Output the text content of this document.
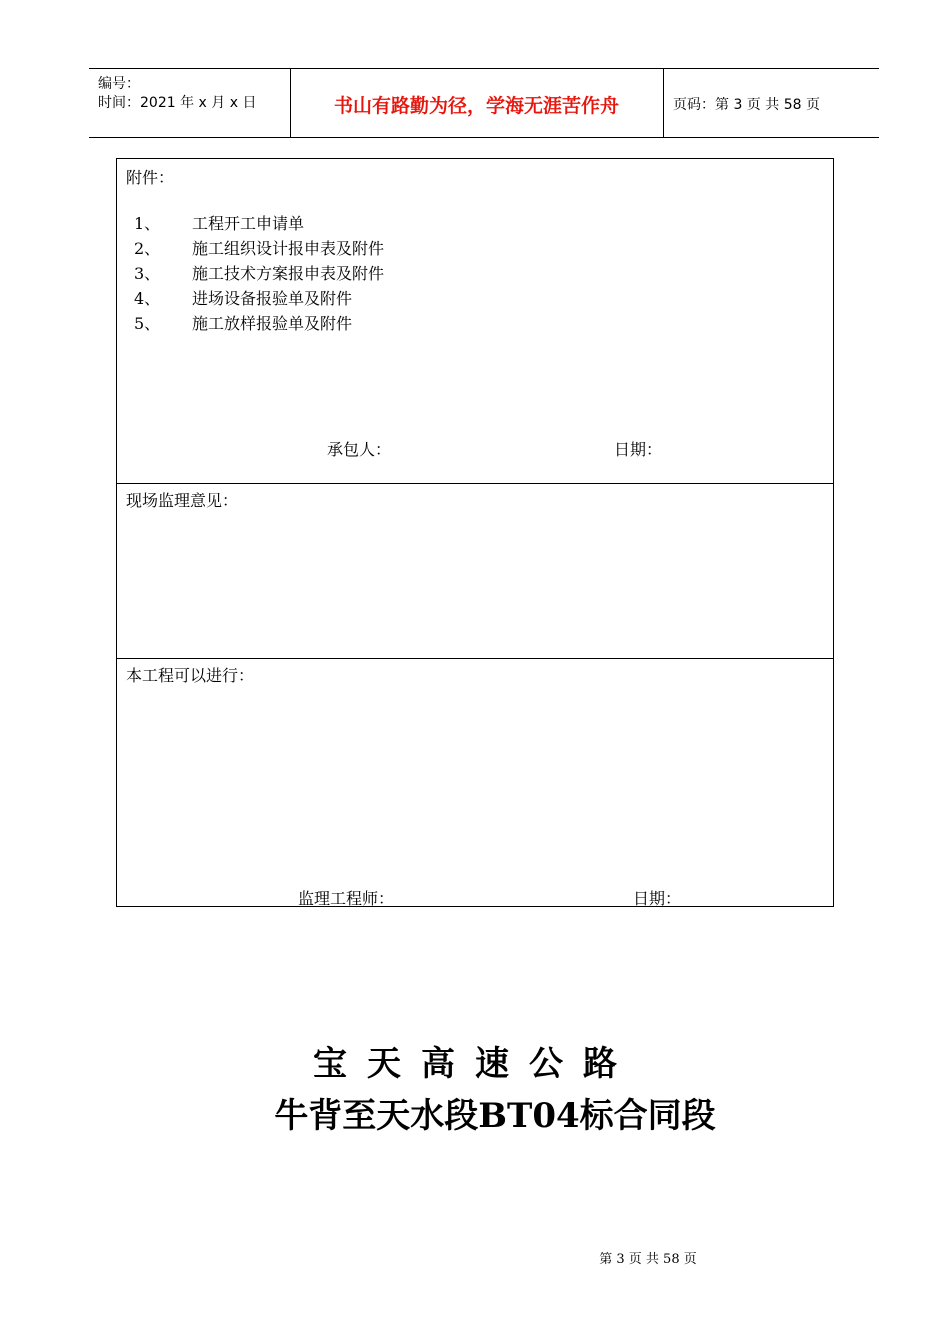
编号：
时间：2021 年 x 月 x 日	书山有路勤为径，学海无涯苦作舟	页码：第 3 页 共 58 页
附件：
1、 工程开工申请单
2、 施工组织设计报申表及附件
3、 施工技术方案报申表及附件
4、 进场设备报验单及附件
5、 施工放样报验单及附件
承包人：	日期：
现场监理意见：
本工程可以进行：
监理工程师：	日期：
宝天高速公路
牛背至天水段BT04标合同段
第 3 页 共 58 页
